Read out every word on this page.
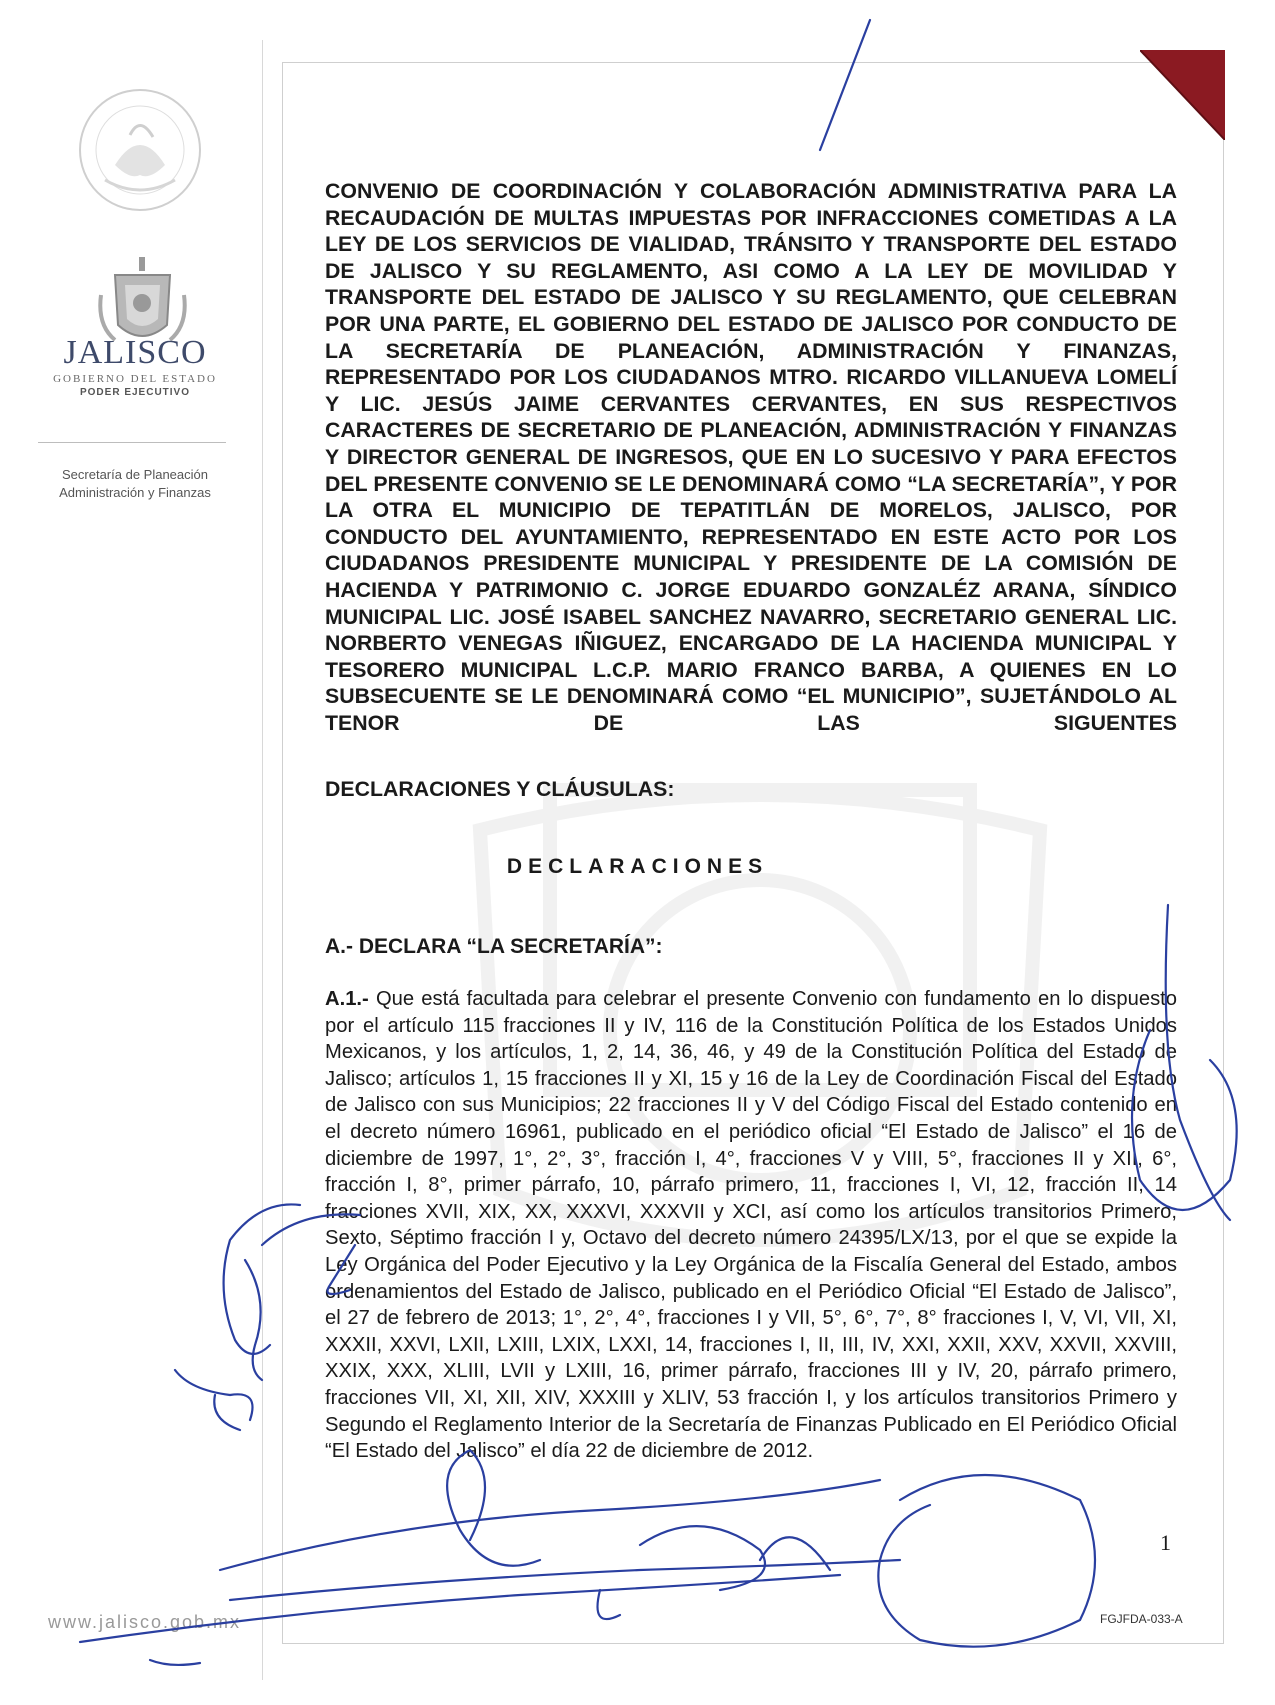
JALISCO
GOBIERNO DEL ESTADO
PODER EJECUTIVO
Secretaría de Planeación
Administración y Finanzas
www.jalisco.gob.mx
CONVENIO DE COORDINACIÓN Y COLABORACIÓN ADMINISTRATIVA PARA LA RECAUDACIÓN DE MULTAS IMPUESTAS POR INFRACCIONES COMETIDAS A LA LEY DE LOS SERVICIOS DE VIALIDAD, TRÁNSITO Y TRANSPORTE DEL ESTADO DE JALISCO Y SU REGLAMENTO, ASI COMO A LA LEY DE MOVILIDAD Y TRANSPORTE DEL ESTADO DE JALISCO Y SU REGLAMENTO, QUE CELEBRAN POR UNA PARTE, EL GOBIERNO DEL ESTADO DE JALISCO POR CONDUCTO DE LA SECRETARÍA DE PLANEACIÓN, ADMINISTRACIÓN Y FINANZAS, REPRESENTADO POR LOS CIUDADANOS MTRO. RICARDO VILLANUEVA LOMELÍ Y LIC. JESÚS JAIME CERVANTES CERVANTES, EN SUS RESPECTIVOS CARACTERES DE SECRETARIO DE PLANEACIÓN, ADMINISTRACIÓN Y FINANZAS Y DIRECTOR GENERAL DE INGRESOS, QUE EN LO SUCESIVO Y PARA EFECTOS DEL PRESENTE CONVENIO SE LE DENOMINARÁ COMO “LA SECRETARÍA”, Y POR LA OTRA EL MUNICIPIO DE TEPATITLÁN DE MORELOS, JALISCO, POR CONDUCTO DEL AYUNTAMIENTO, REPRESENTADO EN ESTE ACTO POR LOS CIUDADANOS PRESIDENTE MUNICIPAL Y PRESIDENTE DE LA COMISIÓN DE HACIENDA Y PATRIMONIO C. JORGE EDUARDO GONZALÉZ ARANA, SÍNDICO MUNICIPAL LIC. JOSÉ ISABEL SANCHEZ NAVARRO, SECRETARIO GENERAL LIC. NORBERTO VENEGAS IÑIGUEZ, ENCARGADO DE LA HACIENDA MUNICIPAL Y TESORERO MUNICIPAL L.C.P. MARIO FRANCO BARBA, A QUIENES EN LO SUBSECUENTE SE LE DENOMINARÁ COMO “EL MUNICIPIO”, SUJETÁNDOLO AL TENOR DE LAS SIGUENTES
DECLARACIONES Y CLÁUSULAS:
DECLARACIONES
A.- DECLARA “LA SECRETARÍA”:
A.1.- Que está facultada para celebrar el presente Convenio con fundamento en lo dispuesto por el artículo 115 fracciones II y IV, 116 de la Constitución Política de los Estados Unidos Mexicanos, y los artículos, 1, 2, 14, 36, 46, y 49 de la Constitución Política del Estado de Jalisco; artículos 1, 15 fracciones II y XI, 15 y 16 de la Ley de Coordinación Fiscal del Estado de Jalisco con sus Municipios; 22 fracciones II y V del Código Fiscal del Estado contenido en el decreto número 16961, publicado en el periódico oficial “El Estado de Jalisco” el 16 de diciembre de 1997, 1°, 2°, 3°, fracción I, 4°, fracciones V y VIII, 5°, fracciones II y XII, 6°, fracción I, 8°, primer párrafo, 10, párrafo primero, 11, fracciones I, VI, 12, fracción II, 14 fracciones XVII, XIX, XX, XXXVI, XXXVII y XCI, así como los artículos transitorios Primero, Sexto, Séptimo fracción I y, Octavo del decreto número 24395/LX/13, por el que se expide la Ley Orgánica del Poder Ejecutivo y la Ley Orgánica de la Fiscalía General del Estado, ambos ordenamientos del Estado de Jalisco, publicado en el Periódico Oficial “El Estado de Jalisco”, el 27 de febrero de 2013; 1°, 2°, 4°, fracciones I y VII, 5°, 6°, 7°, 8° fracciones I, V, VI, VII, XI, XXXII, XXVI, LXII, LXIII, LXIX, LXXI, 14, fracciones I, II, III, IV, XXI, XXII, XXV, XXVII, XXVIII, XXIX, XXX, XLIII, LVII y LXIII, 16, primer párrafo, fracciones III y IV, 20, párrafo primero, fracciones VII, XI, XII, XIV, XXXIII y XLIV, 53 fracción I, y los artículos transitorios Primero y Segundo el Reglamento Interior de la Secretaría de Finanzas Publicado en El Periódico Oficial “El Estado del Jalisco” el día 22 de diciembre de 2012.
1
FGJFDA-033-A
